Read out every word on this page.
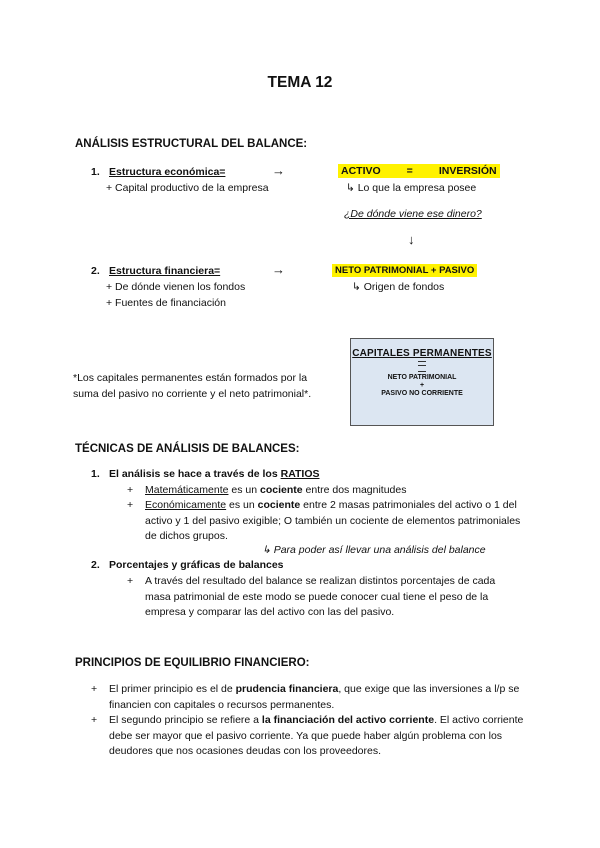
TEMA 12
ANÁLISIS ESTRUCTURAL DEL BALANCE:
1. Estructura económica=	→	ACTIVO = INVERSIÓN
+ Capital productivo de la empresa	↳ Lo que la empresa posee
¿De dónde viene ese dinero?
↓
2. Estructura financiera=	→	NETO PATRIMONIAL + PASIVO
+ De dónde vienen los fondos	↳ Origen de fondos
+ Fuentes de financiación
*Los capitales permanentes están formados por la suma del pasivo no corriente y el neto patrimonial*.
CAPITALES PERMANENTES
NETO PATRIMONIAL
+
PASIVO NO CORRIENTE
TÉCNICAS DE ANÁLISIS DE BALANCES:
1. El análisis se hace a través de los RATIOS
+ Matemáticamente es un cociente entre dos magnitudes
+ Económicamente es un cociente entre 2 masas patrimoniales del activo o 1 del activo y 1 del pasivo exigible; O también un cociente de elementos patrimoniales de dichos grupos.
↳ Para poder así llevar una análisis del balance
2. Porcentajes y gráficas de balances
+ A través del resultado del balance se realizan distintos porcentajes de cada masa patrimonial de este modo se puede conocer cual tiene el peso de la empresa y comparar las del activo con las del pasivo.
PRINCIPIOS DE EQUILIBRIO FINANCIERO:
+ El primer principio es el de prudencia financiera, que exige que las inversiones a l/p se financien con capitales o recursos permanentes.
+ El segundo principio se refiere a la financiación del activo corriente. El activo corriente debe ser mayor que el pasivo corriente. Ya que puede haber algún problema con los deudores que nos ocasiones deudas con los proveedores.
